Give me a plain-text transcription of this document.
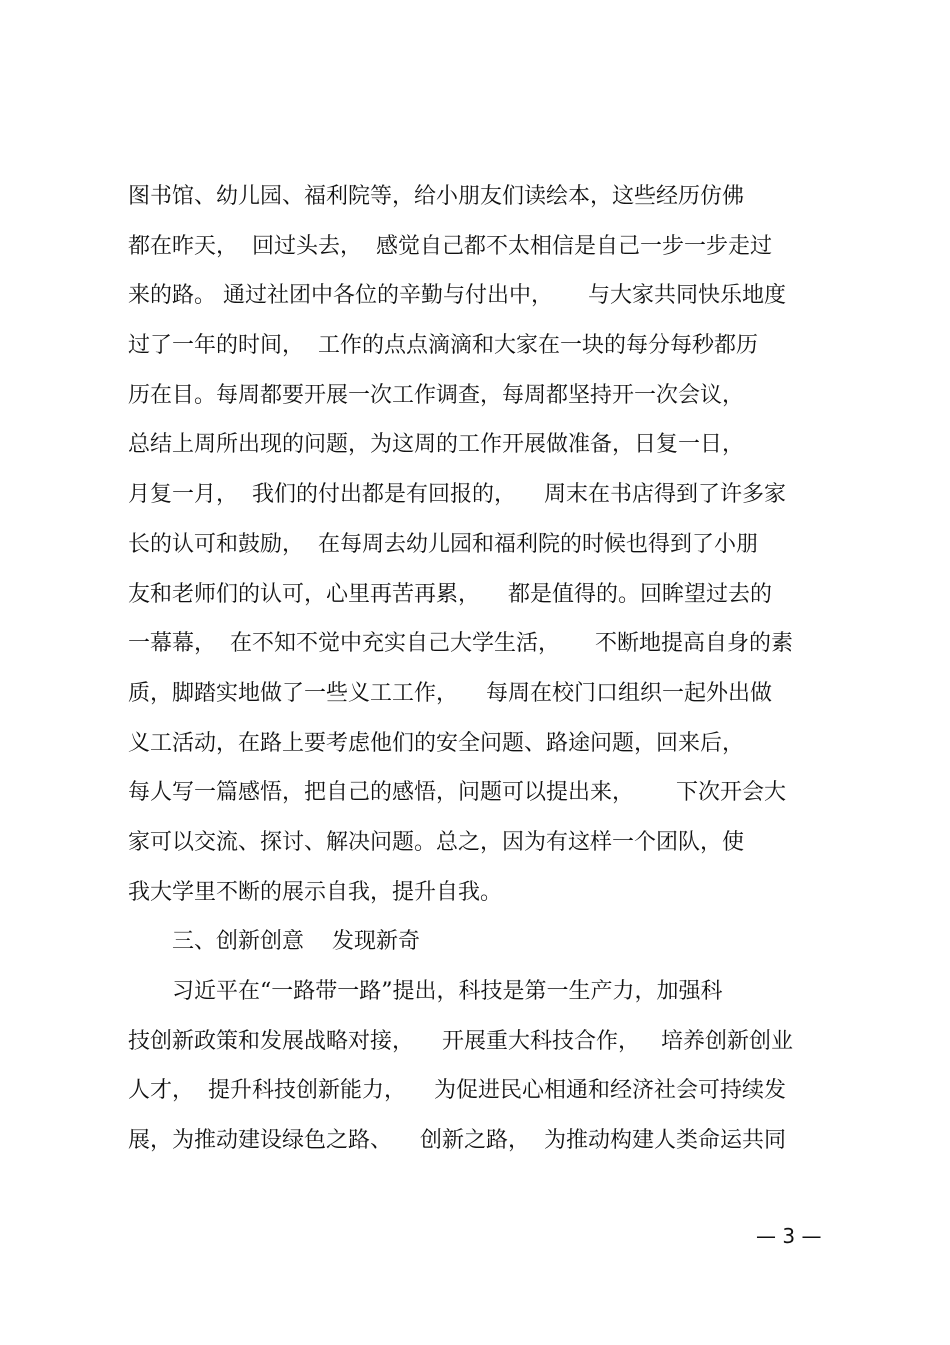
图书馆、幼儿园、福利院等，给小朋友们读绘本，这些经历仿佛
都在昨天，  回过头去，  感觉自己都不太相信是自己一步一步走过
来的路。 通过社团中各位的辛勤与付出中，     与大家共同快乐地度
过了一年的时间，  工作的点点滴滴和大家在一块的每分每秒都历
历在目。每周都要开展一次工作调查，每周都坚持开一次会议，
总结上周所出现的问题，为这周的工作开展做准备，日复一日，
月复一月，  我们的付出都是有回报的，    周末在书店得到了许多家
长的认可和鼓励，  在每周去幼儿园和福利院的时候也得到了小朋
友和老师们的认可，心里再苦再累，    都是值得的。回眸望过去的
一幕幕，  在不知不觉中充实自己大学生活，     不断地提高自身的素
质，脚踏实地做了一些义工工作，    每周在校门口组织一起外出做
义工活动，在路上要考虑他们的安全问题、路途问题，回来后，
每人写一篇感悟，把自己的感悟，问题可以提出来，      下次开会大
家可以交流、探讨、解决问题。总之，因为有这样一个团队，使
我大学里不断的展示自我，提升自我。
三、创新创意    发现新奇
习近平在“一路带一路”提出，科技是第一生产力，加强科
技创新政策和发展战略对接，    开展重大科技合作，   培养创新创业
人才，  提升科技创新能力，    为促进民心相通和经济社会可持续发
展，为推动建设绿色之路、    创新之路，  为推动构建人类命运共同
— 3 —
